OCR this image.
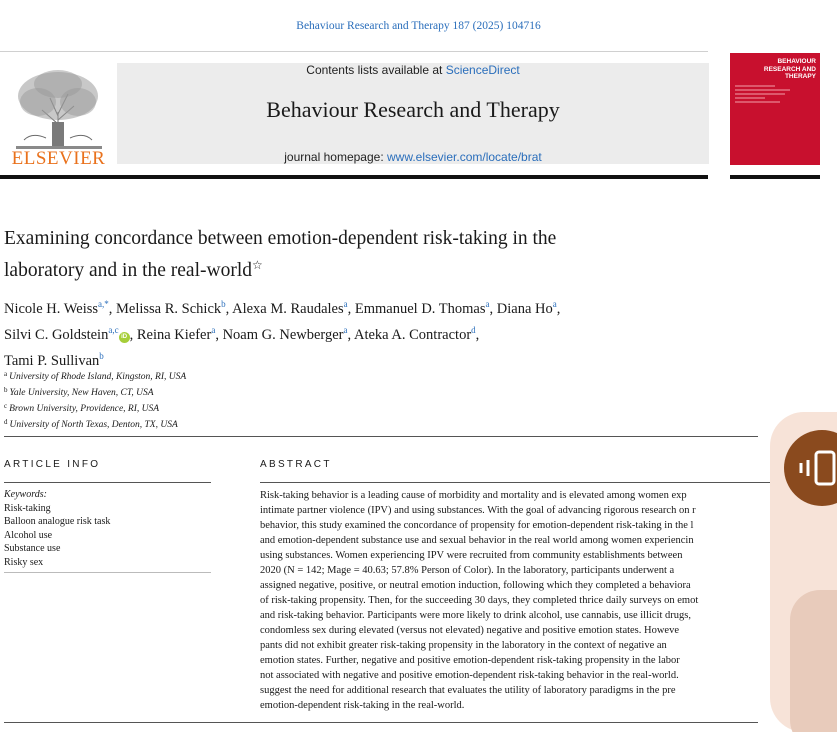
Behaviour Research and Therapy 187 (2025) 104716
ELSEVIER
Contents lists available at ScienceDirect
Behaviour Research and Therapy
journal homepage: www.elsevier.com/locate/brat
BEHAVIOUR
RESEARCH AND
THERAPY
Examining concordance between emotion-dependent risk-taking in the
laboratory and in the real-world☆
Nicole H. Weiss$^{a,*}$, Melissa R. Schick$^b$, Alexa M. Raudales$^a$, Emmanuel D. Thomas$^a$, Diana Ho$^a$,
Silvi C. Goldstein$^{a,c}$iD , Reina Kiefer$^a$, Noam G. Newberger$^a$, Ateka A. Contractor$^d$,
Tami P. Sullivan$^b$
$^a$ University of Rhode Island, Kingston, RI, USA
$^b$ Yale University, New Haven, CT, USA
$^c$ Brown University, Providence, RI, USA
$^d$ University of North Texas, Denton, TX, USA
ARTICLE INFO
Keywords:
Risk-taking
Balloon analogue risk task
Alcohol use
Substance use
Risky sex
ABSTRACT
Risk-taking behavior is a leading cause of morbidity and mortality and is elevated among women exp
intimate partner violence (IPV) and using substances. With the goal of advancing rigorous research on r
behavior, this study examined the concordance of propensity for emotion-dependent risk-taking in the l
and emotion-dependent substance use and sexual behavior in the real world among women experiencin
using substances. Women experiencing IPV were recruited from community establishments between
2020 (N = 142; Mage = 40.63; 57.8% Person of Color). In the laboratory, participants underwent a
assigned negative, positive, or neutral emotion induction, following which they completed a behaviora
of risk-taking propensity. Then, for the succeeding 30 days, they completed thrice daily surveys on emot
and risk-taking behavior. Participants were more likely to drink alcohol, use cannabis, use illicit drugs,
condomless sex during elevated (versus not elevated) negative and positive emotion states. Howeve
pants did not exhibit greater risk-taking propensity in the laboratory in the context of negative an
emotion states. Further, negative and positive emotion-dependent risk-taking propensity in the labor
not associated with negative and positive emotion-dependent risk-taking behavior in the real-world.
suggest the need for additional research that evaluates the utility of laboratory paradigms in the pre
emotion-dependent risk-taking in the real-world.
